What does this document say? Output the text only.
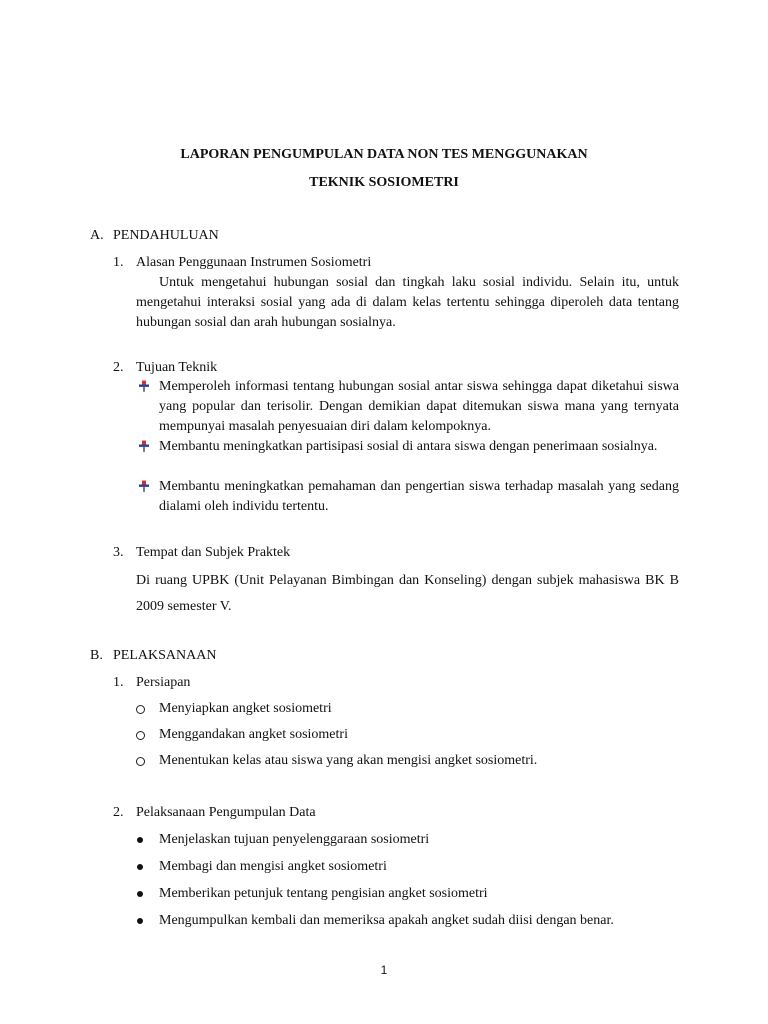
LAPORAN PENGUMPULAN DATA NON TES MENGGUNAKAN
TEKNIK SOSIOMETRI
A. PENDAHULUAN
1. Alasan Penggunaan Instrumen Sosiometri
Untuk mengetahui hubungan sosial dan tingkah laku sosial individu. Selain itu, untuk mengetahui interaksi sosial yang ada di dalam kelas tertentu sehingga diperoleh data tentang hubungan sosial dan arah hubungan sosialnya.
2. Tujuan Teknik
Memperoleh informasi tentang hubungan sosial antar siswa sehingga dapat diketahui siswa yang popular dan terisolir. Dengan demikian dapat ditemukan siswa mana yang ternyata mempunyai masalah penyesuaian diri dalam kelompoknya.
Membantu meningkatkan partisipasi sosial di antara siswa dengan penerimaan sosialnya.
Membantu meningkatkan pemahaman dan pengertian siswa terhadap masalah yang sedang dialami oleh individu tertentu.
3. Tempat dan Subjek Praktek
Di ruang UPBK (Unit Pelayanan Bimbingan dan Konseling) dengan subjek mahasiswa BK B 2009 semester V.
B. PELAKSANAAN
1. Persiapan
Menyiapkan angket sosiometri
Menggandakan angket sosiometri
Menentukan kelas atau siswa yang akan mengisi angket sosiometri.
2. Pelaksanaan Pengumpulan Data
Menjelaskan tujuan penyelenggaraan sosiometri
Membagi dan mengisi angket sosiometri
Memberikan petunjuk tentang pengisian angket sosiometri
Mengumpulkan kembali dan memeriksa apakah angket sudah diisi dengan benar.
1
